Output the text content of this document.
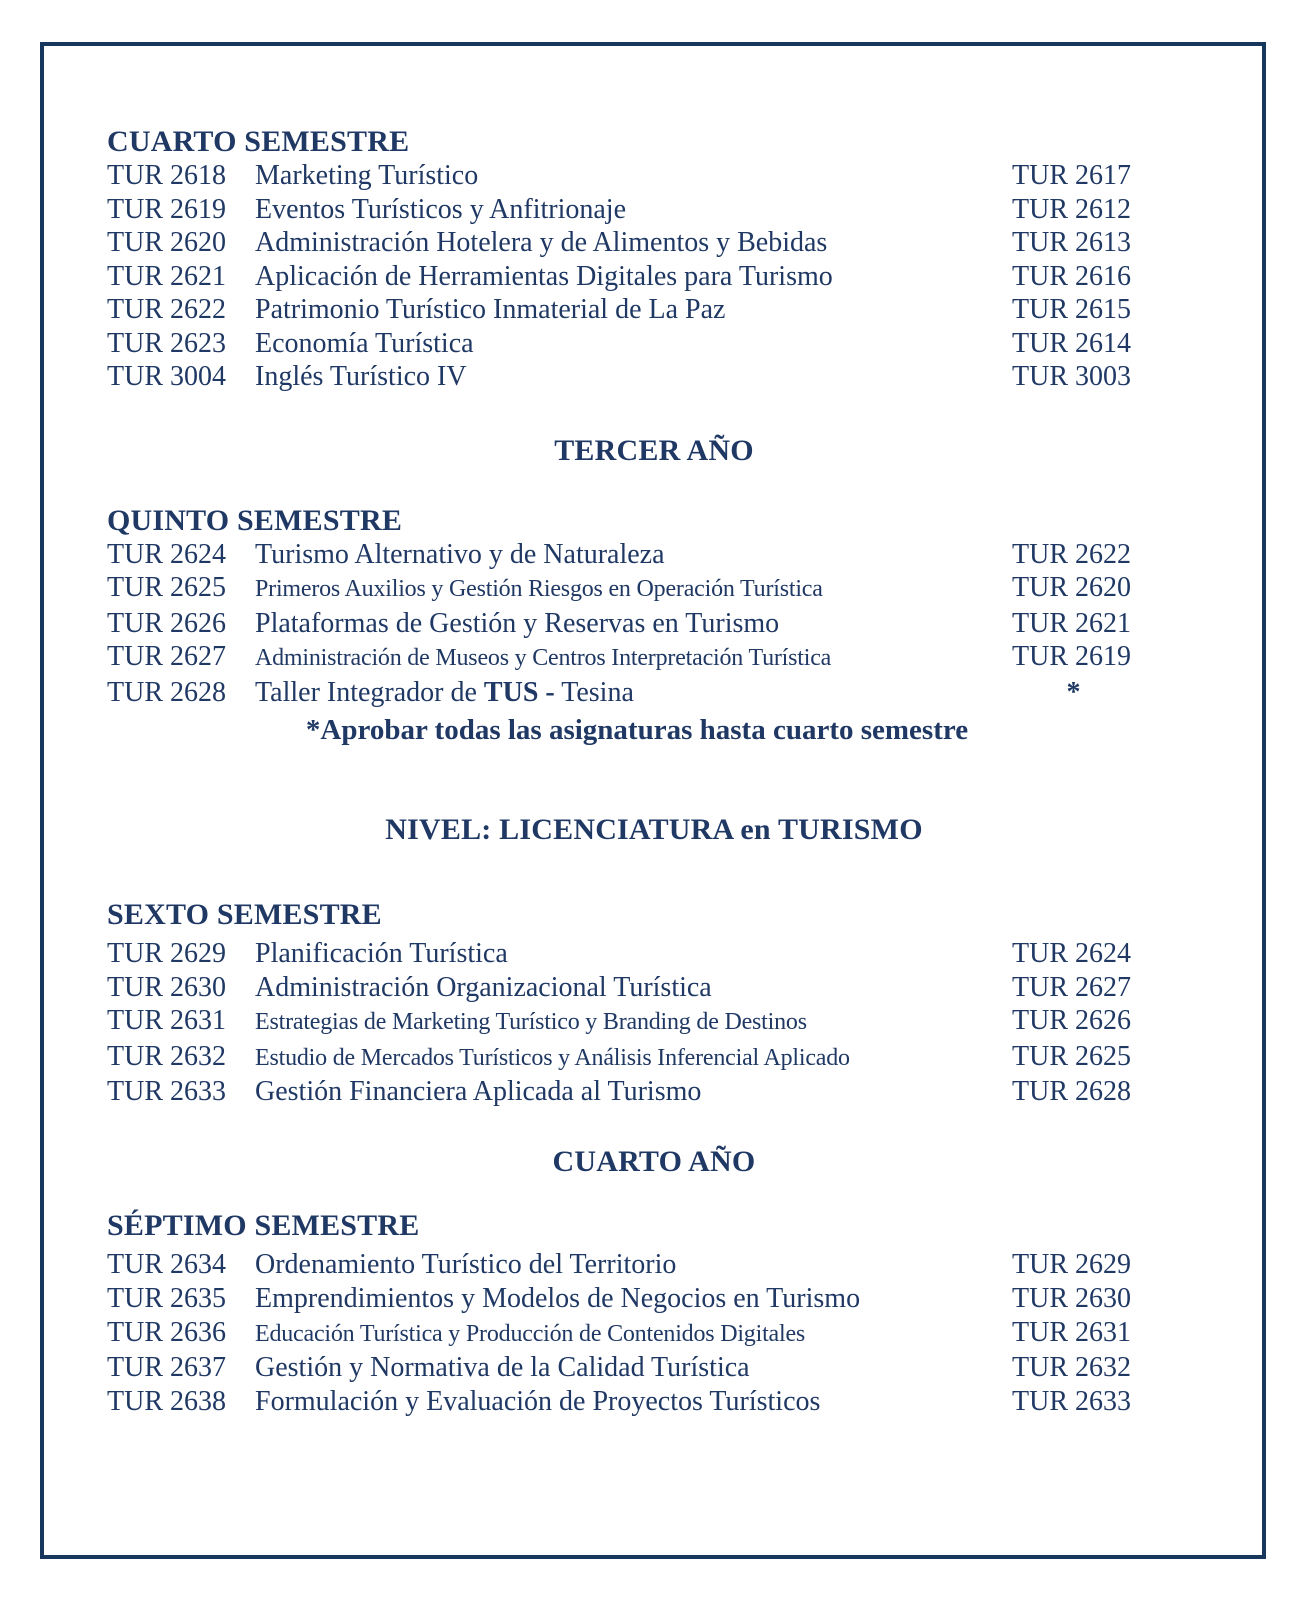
CUARTO SEMESTRE
TUR 2618	Marketing Turístico	TUR 2617
TUR 2619	Eventos Turísticos y Anfitrionaje	TUR 2612
TUR 2620	Administración Hotelera y de Alimentos y Bebidas	TUR 2613
TUR 2621	Aplicación de Herramientas Digitales para Turismo	TUR 2616
TUR 2622	Patrimonio Turístico Inmaterial de La Paz	TUR 2615
TUR 2623	Economía Turística	TUR 2614
TUR 3004	Inglés Turístico IV	TUR 3003
TERCER AÑO
QUINTO SEMESTRE
TUR 2624	Turismo Alternativo y de Naturaleza	TUR 2622
TUR 2625	Primeros Auxilios y Gestión Riesgos en Operación Turística	TUR 2620
TUR 2626	Plataformas de Gestión y Reservas en Turismo	TUR 2621
TUR 2627	Administración de Museos y Centros Interpretación Turística	TUR 2619
TUR 2628	Taller Integrador de TUS - Tesina	*
*Aprobar todas las asignaturas hasta cuarto semestre
NIVEL: LICENCIATURA en TURISMO
SEXTO SEMESTRE
TUR 2629	Planificación Turística	TUR 2624
TUR 2630	Administración Organizacional Turística	TUR 2627
TUR 2631	Estrategias de Marketing Turístico y Branding de Destinos	TUR 2626
TUR 2632	Estudio de Mercados Turísticos y Análisis Inferencial Aplicado	TUR 2625
TUR 2633	Gestión Financiera Aplicada al Turismo	TUR 2628
CUARTO AÑO
SÉPTIMO SEMESTRE
TUR 2634	Ordenamiento Turístico del Territorio	TUR 2629
TUR 2635	Emprendimientos y Modelos de Negocios en Turismo	TUR 2630
TUR 2636	Educación Turística y Producción de Contenidos Digitales	TUR 2631
TUR 2637	Gestión y Normativa de la Calidad Turística	TUR 2632
TUR 2638	Formulación y Evaluación de Proyectos Turísticos	TUR 2633
